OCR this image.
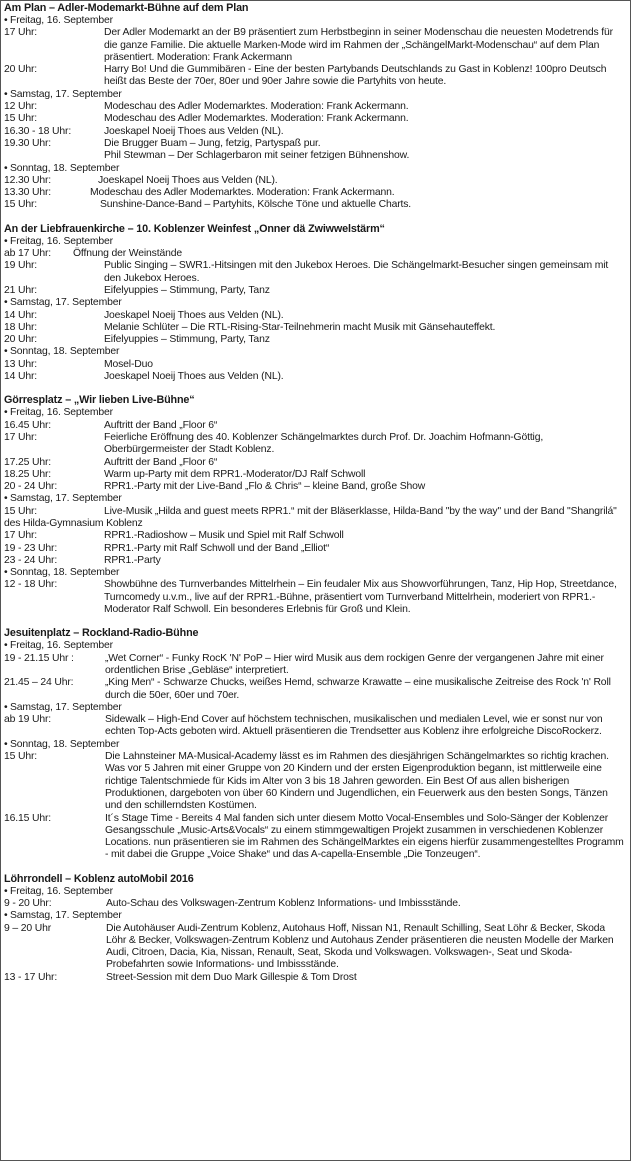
Am Plan – Adler-Modemarkt-Bühne auf dem Plan
• Freitag, 16. September
17 Uhr:	Der Adler Modemarkt an der B9 präsentiert zum Herbstbeginn in seiner Modenschau die neuesten Modetrends für die ganze Familie. Die aktuelle Marken-Mode wird im Rahmen der „SchängelMarkt-Modenschau“ auf dem Plan präsentiert. Moderation: Frank Ackermann
20 Uhr:	Harry Bo! Und die Gummibären - Eine der besten Partybands Deutschlands zu Gast in Koblenz! 100pro Deutsch heißt das Beste der 70er, 80er und 90er Jahre sowie die Partyhits von heute.
• Samstag, 17. September
12 Uhr:	Modeschau des Adler Modemarktes. Moderation: Frank Ackermann.
15 Uhr:	Modeschau des Adler Modemarktes. Moderation: Frank Ackermann.
16.30 - 18 Uhr:	Joeskapel Noeij Thoes aus Velden (NL).
19.30 Uhr:	Die Brugger Buam – Jung, fetzig, Partyspaß pur.
Phil Stewman – Der Schlagerbaron mit seiner fetzigen Bühnenshow.
• Sonntag, 18. September
12.30 Uhr:	Joeskapel Noeij Thoes aus Velden (NL).
13.30 Uhr:	Modeschau des Adler Modemarktes. Moderation: Frank Ackermann.
15 Uhr:	Sunshine-Dance-Band – Partyhits, Kölsche Töne und aktuelle Charts.
An der Liebfrauenkirche – 10. Koblenzer Weinfest „Onner dä Zwiwwelstärm“
• Freitag, 16. September
ab 17 Uhr:	Öffnung der Weinstände
19 Uhr:	Public Singing – SWR1.-Hitsingen mit den Jukebox Heroes. Die Schängelmarkt-Besucher singen gemeinsam mit den Jukebox Heroes.
21 Uhr:	Eifelyuppies – Stimmung, Party, Tanz
• Samstag, 17. September
14 Uhr:	Joeskapel Noeij Thoes aus Velden (NL).
18 Uhr:	Melanie Schlüter – Die RTL-Rising-Star-Teilnehmerin macht Musik mit Gänsehauteffekt.
20 Uhr:	Eifelyuppies – Stimmung, Party, Tanz
• Sonntag, 18. September
13 Uhr:	Mosel-Duo
14 Uhr:	Joeskapel Noeij Thoes aus Velden (NL).
Görresplatz – „Wir lieben Live-Bühne“
• Freitag, 16. September
16.45 Uhr:	Auftritt der Band „Floor 6“
17 Uhr:	Feierliche Eröffnung des 40. Koblenzer Schängelmarktes durch Prof. Dr. Joachim Hofmann-Göttig, Oberbürgermeister der Stadt Koblenz.
17.25 Uhr:	Auftritt der Band „Floor 6“
18.25 Uhr:	Warm up-Party mit dem RPR1.-Moderator/DJ Ralf Schwoll
20 - 24 Uhr:	RPR1.-Party mit der Live-Band „Flo & Chris“ – kleine Band, große Show
• Samstag, 17. September
15 Uhr:	Live-Musik „Hilda and guest meets RPR1.“ mit der Bläserklasse, Hilda-Band "by the way" und der Band "Shangrilá" des Hilda-Gymnasium Koblenz
17 Uhr:	RPR1.-Radioshow – Musik und Spiel mit Ralf Schwoll
19 - 23 Uhr:	RPR1.-Party mit Ralf Schwoll und der Band „Elliot“
23 - 24 Uhr:	RPR1.-Party
• Sonntag, 18. September
12 - 18 Uhr:	Showbühne des Turnverbandes Mittelrhein – Ein feudaler Mix aus Showvorführungen, Tanz, Hip Hop, Streetdance, Turncomedy u.v.m., live auf der RPR1.-Bühne, präsentiert vom Turnverband Mittelrhein, moderiert von RPR1.- Moderator Ralf Schwoll. Ein besonderes Erlebnis für Groß und Klein.
Jesuitenplatz – Rockland-Radio-Bühne
• Freitag, 16. September
19 - 21.15 Uhr :	„Wet Corner“ - Funky RocK 'N' PoP – Hier wird Musik aus dem rockigen Genre der vergangenen Jahre mit einer ordentlichen Brise „Gebläse“ interpretiert.
21.45 – 24 Uhr:	„King Men“ - Schwarze Chucks, weißes Hemd, schwarze Krawatte – eine musikalische Zeitreise des Rock 'n' Roll durch die 50er, 60er und 70er.
• Samstag, 17. September
ab 19 Uhr:	Sidewalk – High-End Cover auf höchstem technischen, musikalischen und medialen Level, wie er sonst nur von echten Top-Acts geboten wird. Aktuell präsentieren die Trendsetter aus Koblenz ihre erfolgreiche DiscoRockerz.
• Sonntag, 18. September
15 Uhr:	Die Lahnsteiner MA-Musical-Academy lässt es im Rahmen des diesjährigen Schängelmarktes so richtig krachen. Was vor 5 Jahren mit einer Gruppe von 20 Kindern und der ersten Eigenproduktion begann, ist mittlerweile eine richtige Talentschmiede für Kids im Alter von 3 bis 18 Jahren geworden. Ein Best Of aus allen bisherigen Produktionen, dargeboten von über 60 Kindern und Jugendlichen, ein Feuerwerk aus den besten Songs, Tänzen und den schillerndsten Kostümen.
16.15 Uhr:	It´s Stage Time - Bereits 4 Mal fanden sich unter diesem Motto Vocal-Ensembles und Solo-Sänger der Koblenzer Gesangsschule „Music-Arts&Vocals“ zu einem stimmgewaltigen Projekt zusammen in verschiedenen Koblenzer Locations. nun präsentieren sie im Rahmen des SchängelMarktes ein eigens hierfür zusammengestelltes Programm - mit dabei die Gruppe „Voice Shake“ und das A-capella-Ensemble „Die Tonzeugen“.
Löhrrondell – Koblenz autoMobil 2016
• Freitag, 16. September
9 - 20 Uhr:	Auto-Schau des Volkswagen-Zentrum Koblenz Informations- und Imbissstände.
• Samstag, 17. September
9 – 20 Uhr	Die Autohäuser Audi-Zentrum Koblenz, Autohaus Hoff, Nissan N1, Renault Schilling, Seat Löhr & Becker, Skoda Löhr & Becker, Volkswagen-Zentrum Koblenz und Autohaus Zender präsentieren die neusten Modelle der Marken Audi, Citroen, Dacia, Kia, Nissan, Renault, Seat, Skoda und Volkswagen. Volkswagen-, Seat und Skoda-Probefahrten sowie Informations- und Imbissstände.
13 - 17 Uhr:	Street-Session mit dem Duo Mark Gillespie & Tom Drost
